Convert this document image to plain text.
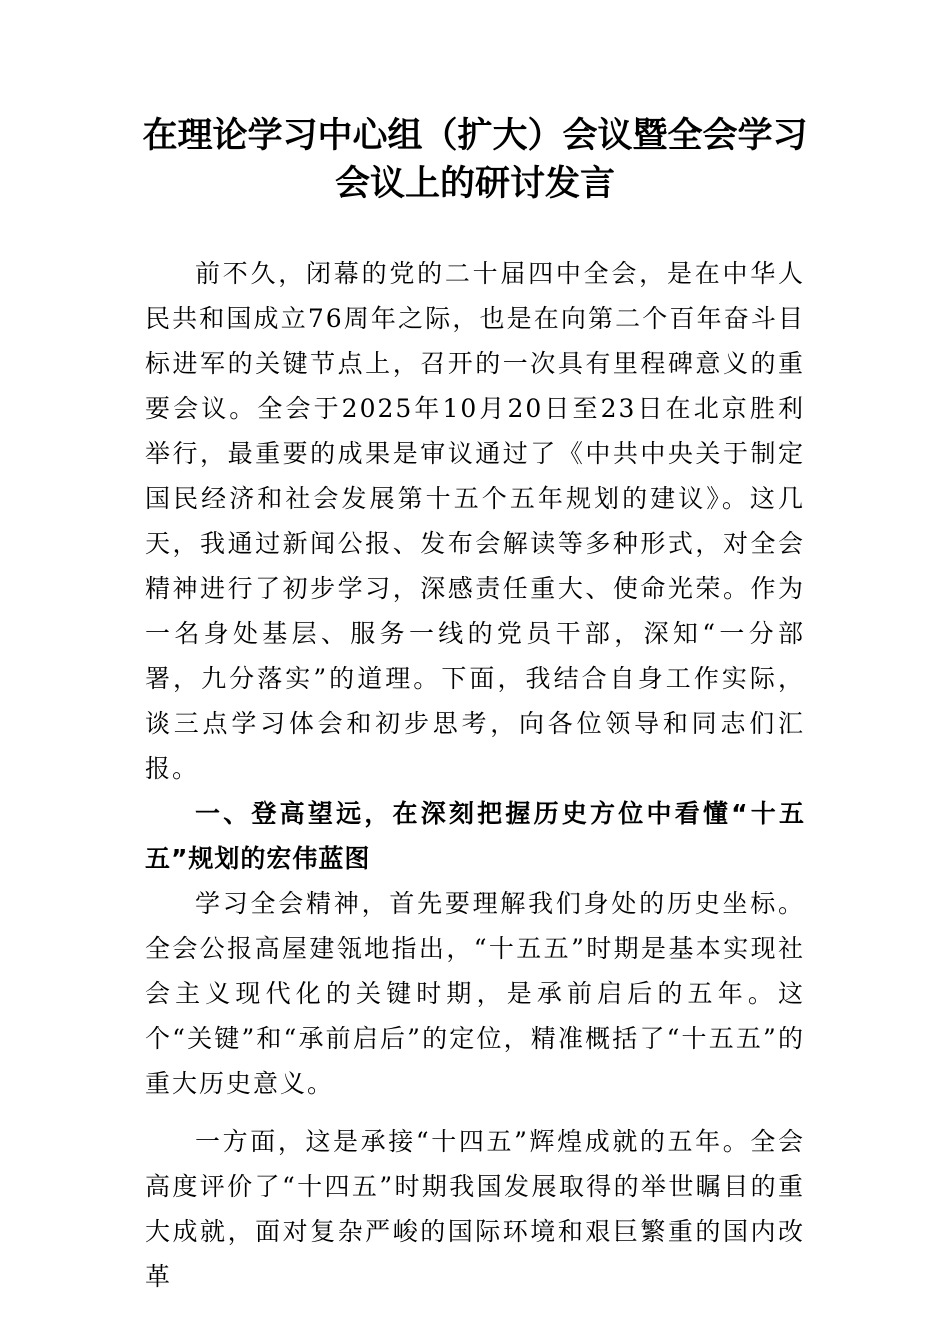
在理论学习中心组（扩大）会议暨全会学习会议上的研讨发言

前不久，闭幕的党的二十届四中全会，是在中华人民共和国成立76周年之际，也是在向第二个百年奋斗目标进军的关键节点上，召开的一次具有里程碑意义的重要会议。全会于2025年10月20日至23日在北京胜利举行，最重要的成果是审议通过了《中共中央关于制定国民经济和社会发展第十五个五年规划的建议》。这几天，我通过新闻公报、发布会解读等多种形式，对全会精神进行了初步学习，深感责任重大、使命光荣。作为一名身处基层、服务一线的党员干部，深知“一分部署，九分落实”的道理。下面，我结合自身工作实际，谈三点学习体会和初步思考，向各位领导和同志们汇报。

一、登高望远，在深刻把握历史方位中看懂“十五五”规划的宏伟蓝图

学习全会精神，首先要理解我们身处的历史坐标。全会公报高屋建瓴地指出，“十五五”时期是基本实现社会主义现代化的关键时期，是承前启后的五年。这个“关键”和“承前启后”的定位，精准概括了“十五五”的重大历史意义。

一方面，这是承接“十四五”辉煌成就的五年。全会高度评价了“十四五”时期我国发展取得的举世瞩目的重大成就，面对复杂严峻的国际环境和艰巨繁重的国内改革
